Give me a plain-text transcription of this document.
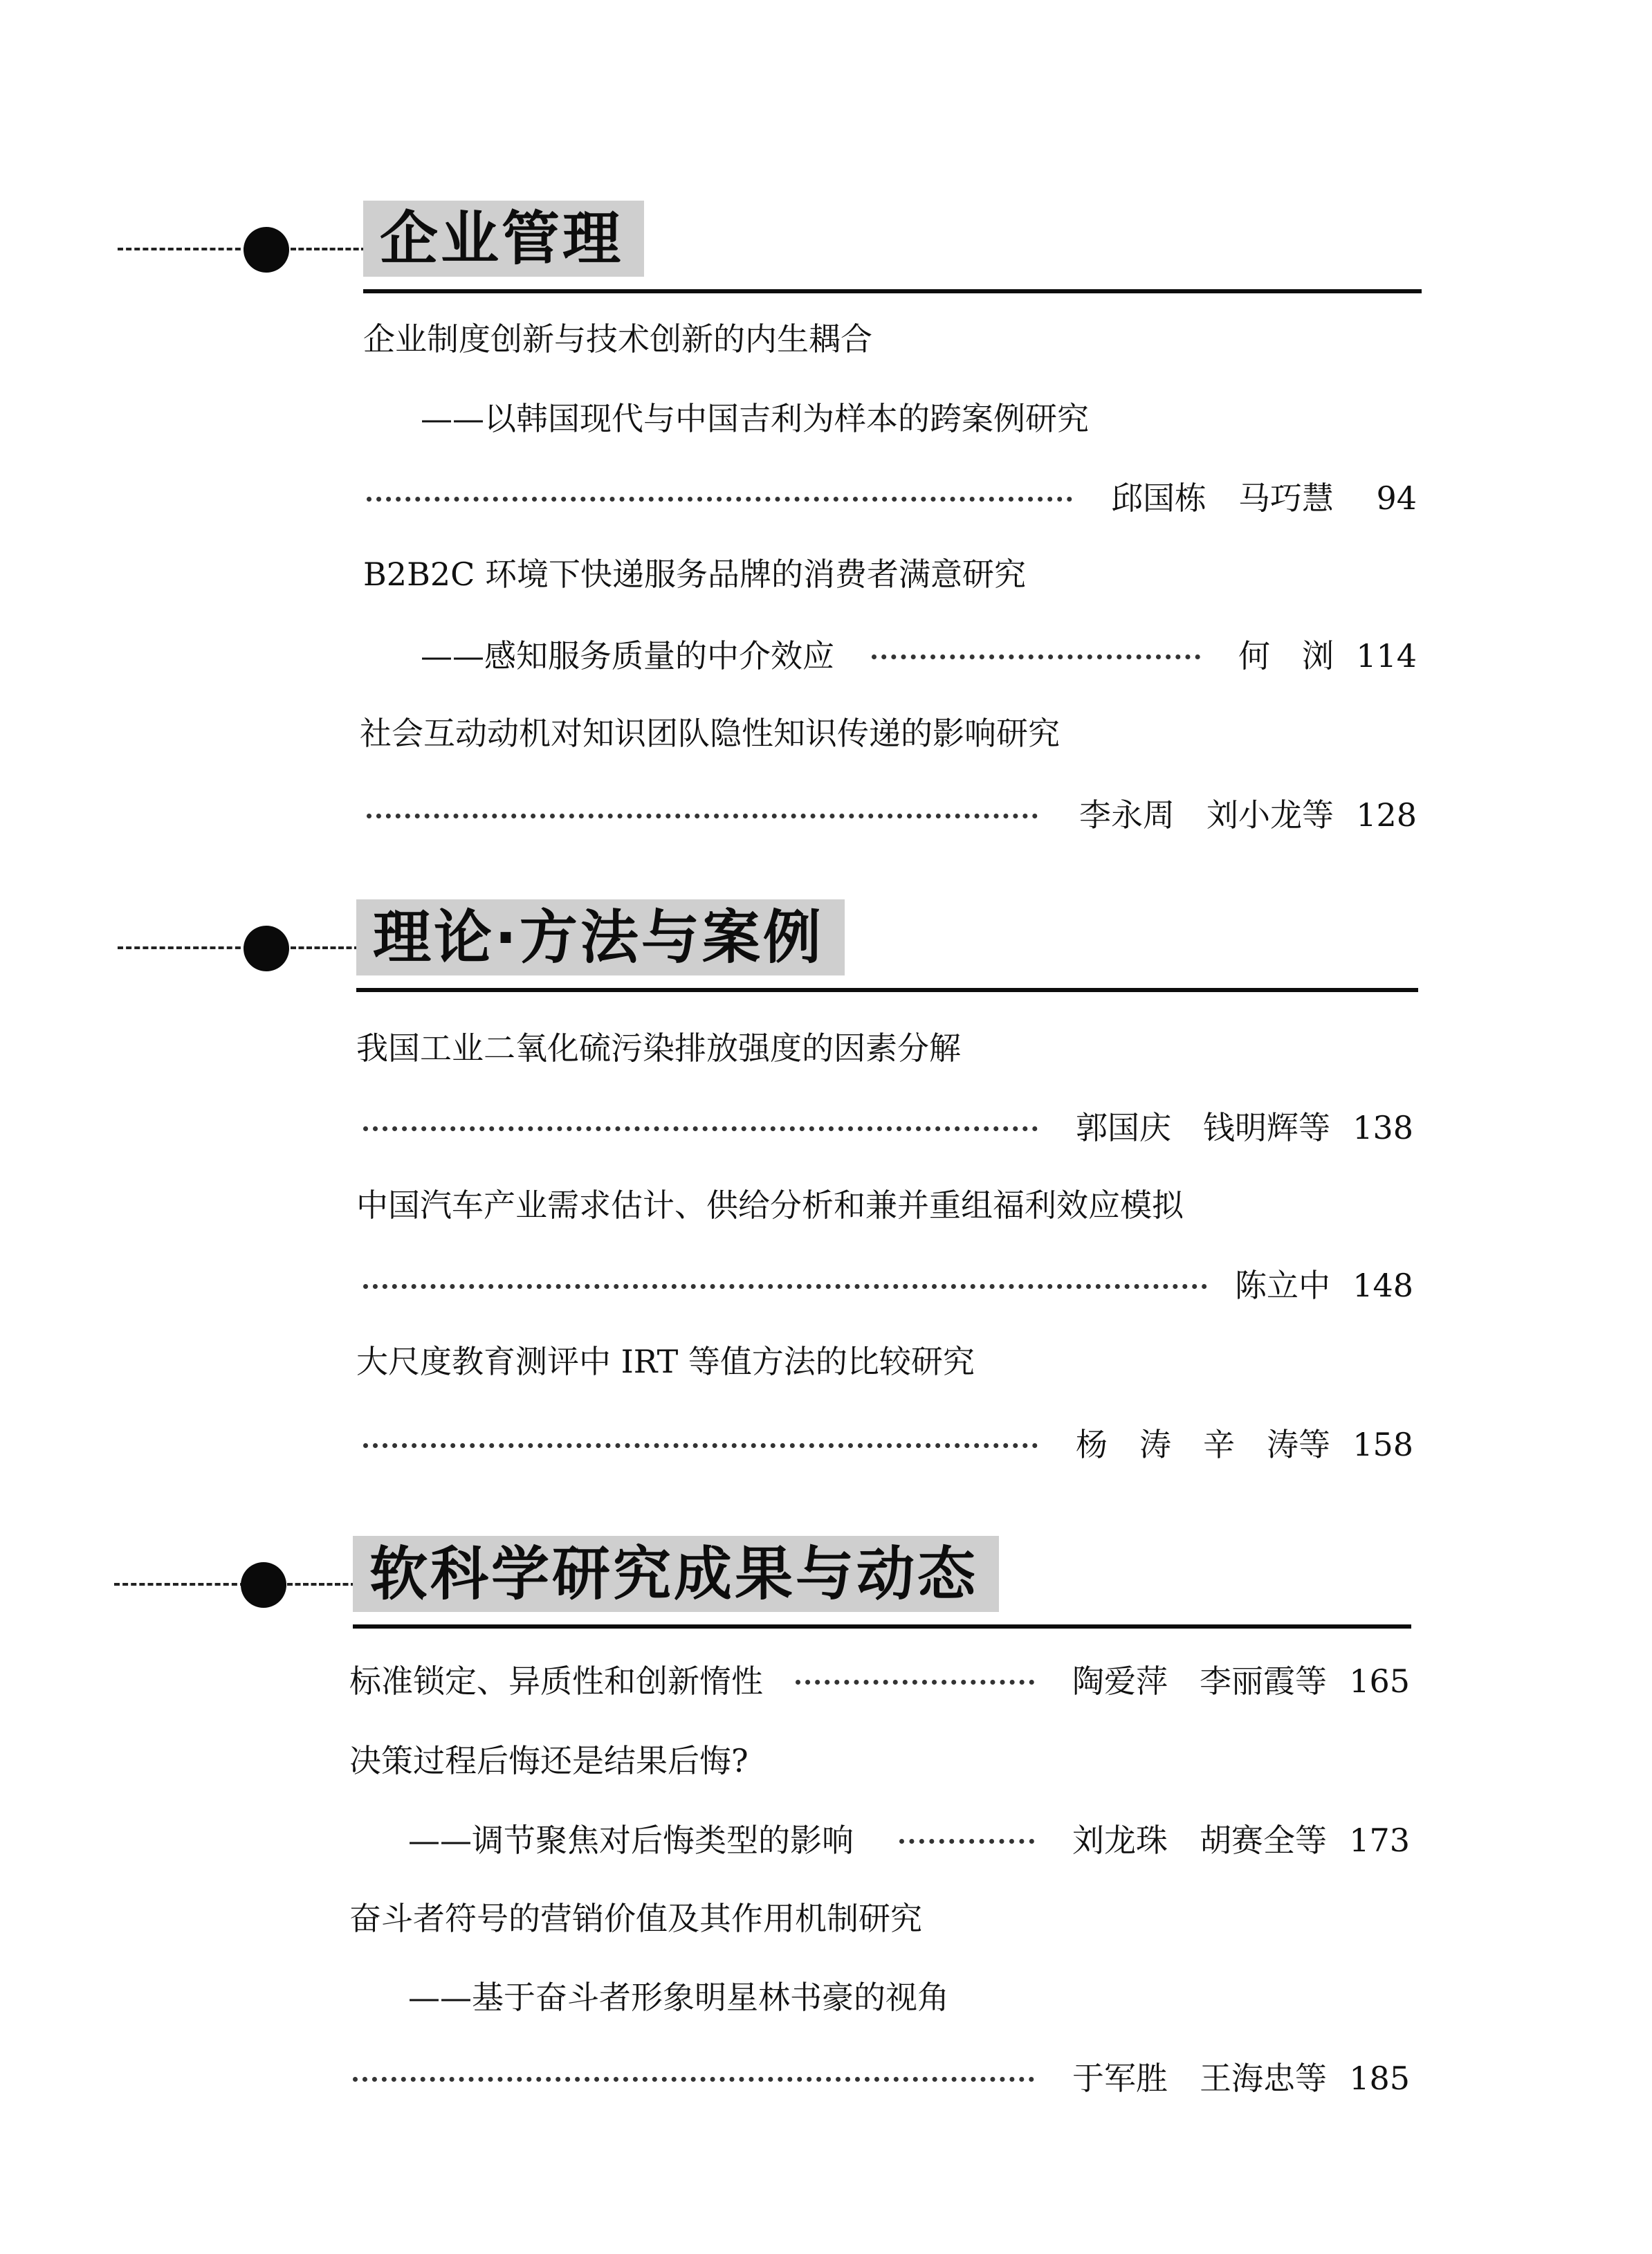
企业管理
企业制度创新与技术创新的内生耦合
——以韩国现代与中国吉利为样本的跨案例研究
邱国栋　马巧慧 94
B2B2C 环境下快递服务品牌的消费者满意研究
——感知服务质量的中介效应	何　浏 114
社会互动动机对知识团队隐性知识传递的影响研究
李永周　刘小龙等 128
理论·方法与案例
我国工业二氧化硫污染排放强度的因素分解
郭国庆　钱明辉等 138
中国汽车产业需求估计、供给分析和兼并重组福利效应模拟
陈立中 148
大尺度教育测评中 IRT 等值方法的比较研究
杨　涛　辛　涛等 158
软科学研究成果与动态
标准锁定、异质性和创新惰性	陶爱萍　李丽霞等 165
决策过程后悔还是结果后悔?
——调节聚焦对后悔类型的影响	刘龙珠　胡赛全等 173
奋斗者符号的营销价值及其作用机制研究
——基于奋斗者形象明星林书豪的视角
于军胜　王海忠等 185
